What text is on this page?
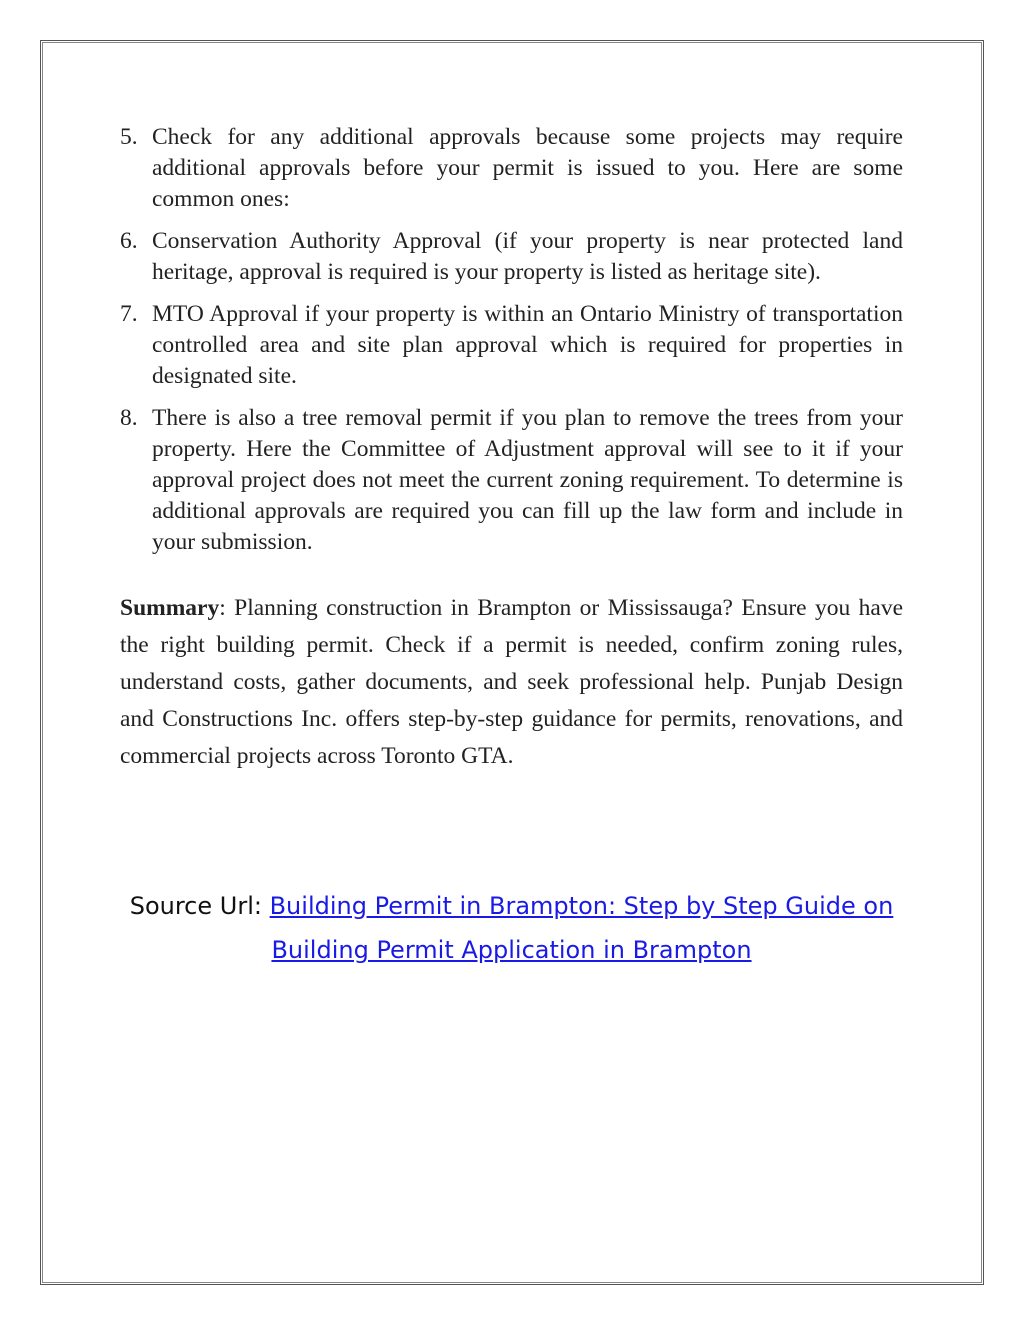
5. Check for any additional approvals because some projects may require additional approvals before your permit is issued to you. Here are some common ones:
6. Conservation Authority Approval (if your property is near protected land heritage, approval is required is your property is listed as heritage site).
7. MTO Approval if your property is within an Ontario Ministry of transportation controlled area and site plan approval which is required for properties in designated site.
8. There is also a tree removal permit if you plan to remove the trees from your property. Here the Committee of Adjustment approval will see to it if your approval project does not meet the current zoning requirement. To determine is additional approvals are required you can fill up the law form and include in your submission.

Summary: Planning construction in Brampton or Mississauga? Ensure you have the right building permit. Check if a permit is needed, confirm zoning rules, understand costs, gather documents, and seek professional help. Punjab Design and Constructions Inc. offers step-by-step guidance for permits, renovations, and commercial projects across Toronto GTA.

Source Url: Building Permit in Brampton: Step by Step Guide on Building Permit Application in Brampton
